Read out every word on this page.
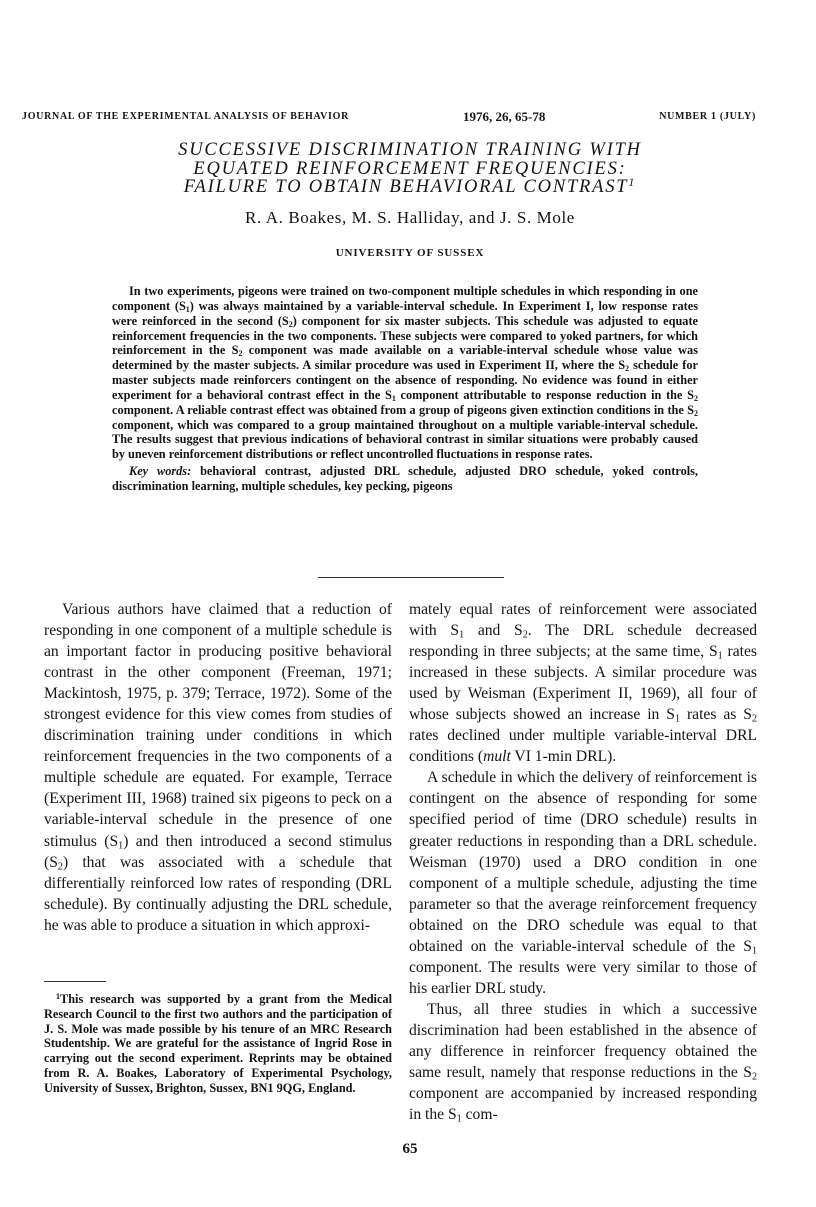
JOURNAL OF THE EXPERIMENTAL ANALYSIS OF BEHAVIOR	1976, 26, 65-78	NUMBER 1 (JULY)
SUCCESSIVE DISCRIMINATION TRAINING WITH
EQUATED REINFORCEMENT FREQUENCIES:
FAILURE TO OBTAIN BEHAVIORAL CONTRAST$^1$
R. A. Boakes, M. S. Halliday, and J. S. Mole
UNIVERSITY OF SUSSEX

In two experiments, pigeons were trained on two-component multiple schedules in which responding in one component $(S_1)$ was always maintained by a variable-interval schedule. In Experiment I, low response rates were reinforced in the second $(S_2)$ component for six master subjects. This schedule was adjusted to equate reinforcement frequencies in the two components. These subjects were compared to yoked partners, for which reinforcement in the $S_2$ component was made available on a variable-interval schedule whose value was determined by the master subjects. A similar procedure was used in Experiment II, where the $S_2$ schedule for master subjects made reinforcers contingent on the absence of responding. No evidence was found in either experiment for a behavioral contrast effect in the $S_1$ component attributable to response reduction in the $S_2$ component. A reliable contrast effect was obtained from a group of pigeons given extinction conditions in the $S_2$ component, which was compared to a group maintained throughout on a multiple variable-interval schedule. The results suggest that previous indications of behavioral contrast in similar situations were probably caused by uneven reinforcement distributions or reflect uncontrolled fluctuations in response rates.

Key words: behavioral contrast, adjusted DRL schedule, adjusted DRO schedule, yoked controls, discrimination learning, multiple schedules, key pecking, pigeons

Various authors have claimed that a reduction of responding in one component of a multiple schedule is an important factor in producing positive behavioral contrast in the other component (Freeman, 1971; Mackintosh, 1975, p. 379; Terrace, 1972). Some of the strongest evidence for this view comes from studies of discrimination training under conditions in which reinforcement frequencies in the two components of a multiple schedule are equated. For example, Terrace (Experiment III, 1968) trained six pigeons to peck on a variable-interval schedule in the presence of one stimulus $(S_1)$ and then introduced a second stimulus $(S_2)$ that was associated with a schedule that differentially reinforced low rates of responding (DRL schedule). By continually adjusting the DRL schedule, he was able to produce a situation in which approxi-

mately equal rates of reinforcement were associated with $S_1$ and $S_2$. The DRL schedule decreased responding in three subjects; at the same time, $S_1$ rates increased in these subjects. A similar procedure was used by Weisman (Experiment II, 1969), all four of whose subjects showed an increase in $S_1$ rates as $S_2$ rates declined under multiple variable-interval DRL conditions (mult VI 1-min DRL).

A schedule in which the delivery of reinforcement is contingent on the absence of responding for some specified period of time (DRO schedule) results in greater reductions in responding than a DRL schedule. Weisman (1970) used a DRO condition in one component of a multiple schedule, adjusting the time parameter so that the average reinforcement frequency obtained on the DRO schedule was equal to that obtained on the variable-interval schedule of the $S_1$ component. The results were very similar to those of his earlier DRL study.

Thus, all three studies in which a successive discrimination had been established in the absence of any difference in reinforcer frequency obtained the same result, namely that response reductions in the $S_2$ component are accompanied by increased responding in the $S_1$ com-

$^1$This research was supported by a grant from the Medical Research Council to the first two authors and the participation of J. S. Mole was made possible by his tenure of an MRC Research Studentship. We are grateful for the assistance of Ingrid Rose in carrying out the second experiment. Reprints may be obtained from R. A. Boakes, Laboratory of Experimental Psychology, University of Sussex, Brighton, Sussex, BN1 9QG, England.

65
